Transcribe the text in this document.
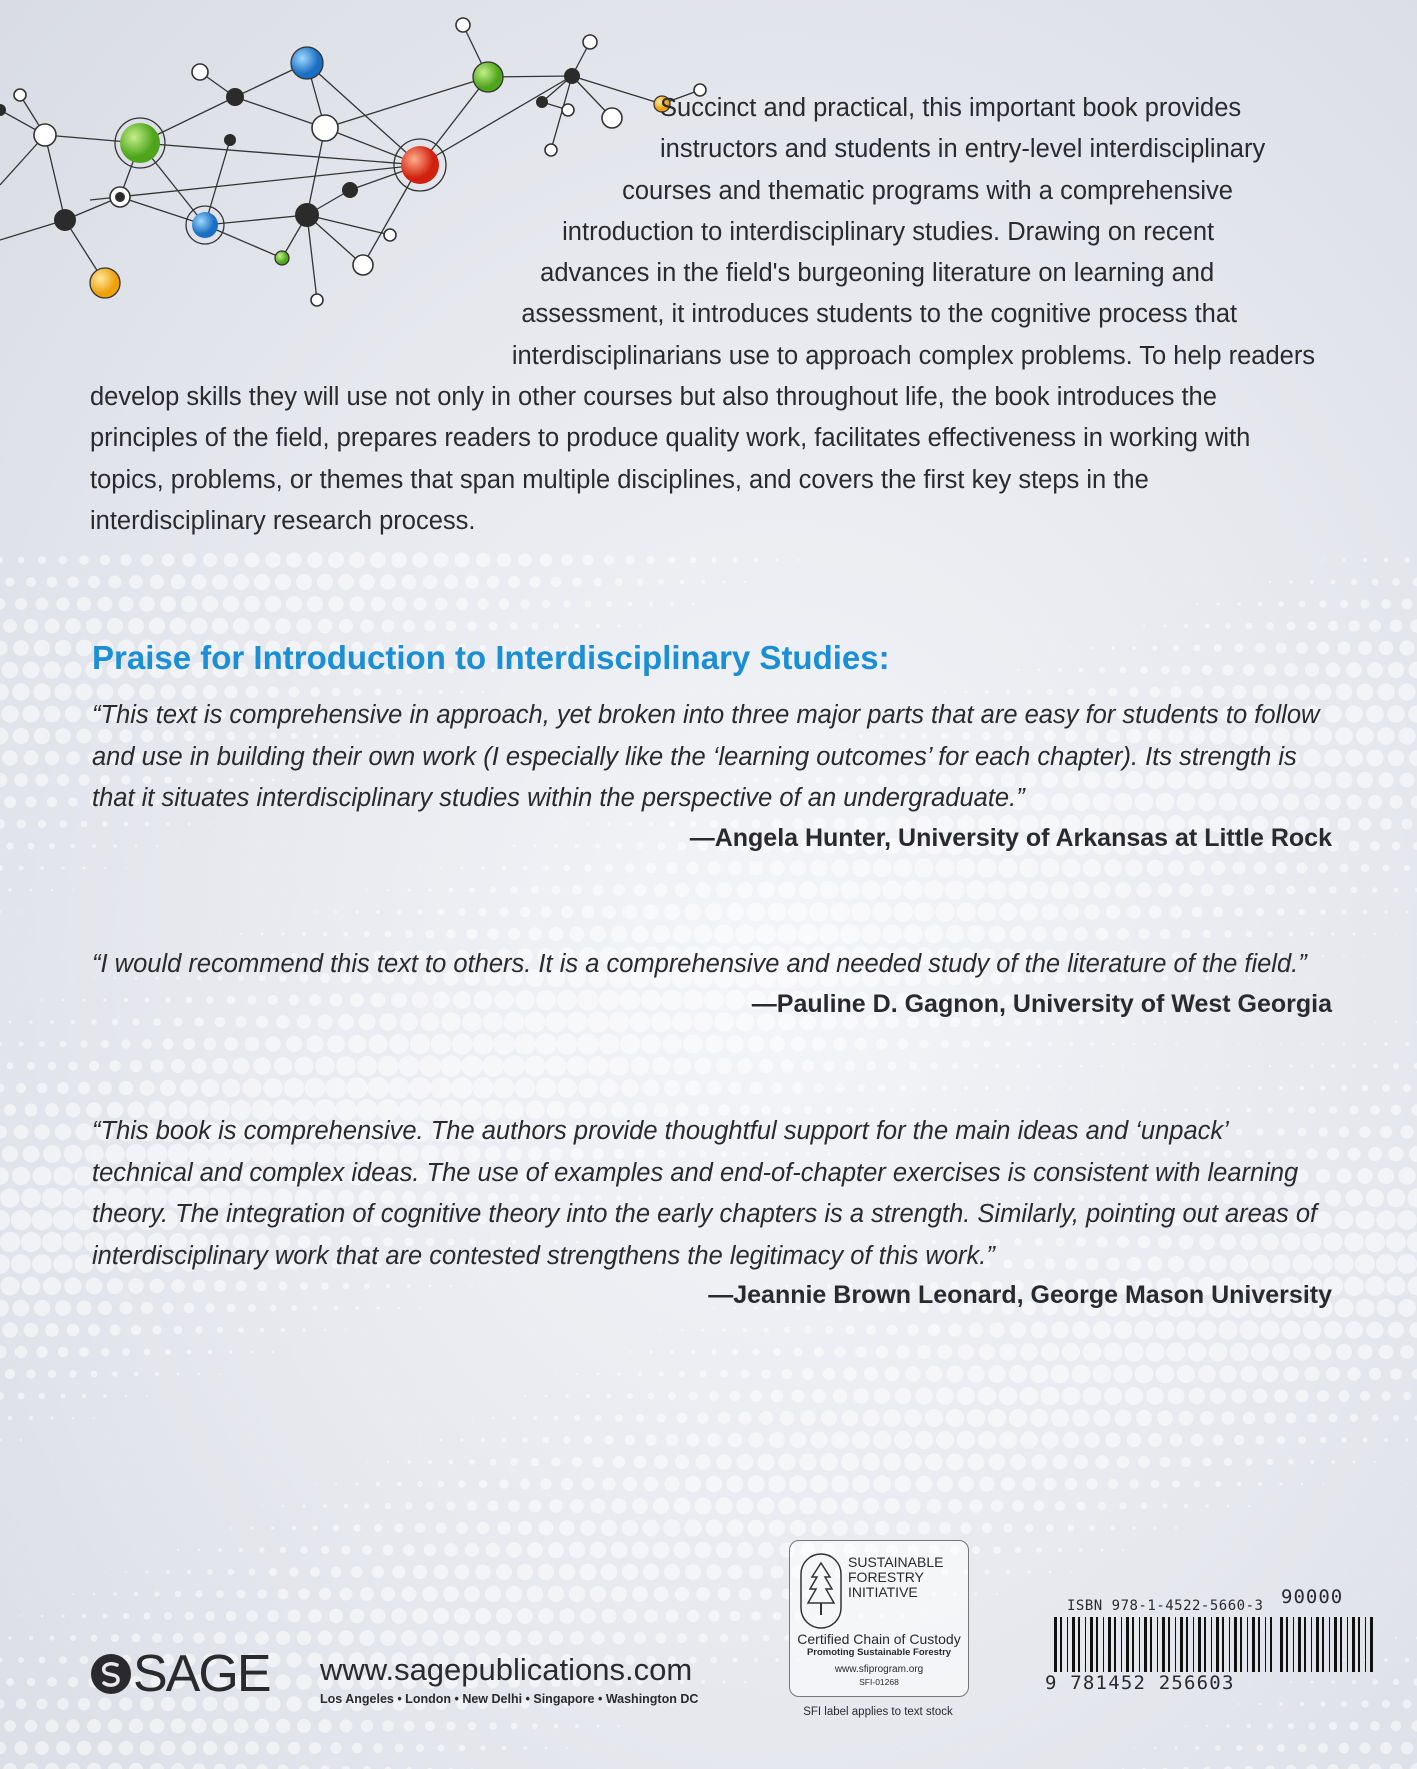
Succinct and practical, this important book provides instructors and students in entry-level interdisciplinary courses and thematic programs with a comprehensive introduction to interdisciplinary studies. Drawing on recent advances in the field's burgeoning literature on learning and assessment, it introduces students to the cognitive process that interdisciplinarians use to approach complex problems. To help readers develop skills they will use not only in other courses but also throughout life, the book introduces the principles of the field, prepares readers to produce quality work, facilitates effectiveness in working with topics, problems, or themes that span multiple disciplines, and covers the first key steps in the interdisciplinary research process.

Praise for Introduction to Interdisciplinary Studies:

“This text is comprehensive in approach, yet broken into three major parts that are easy for students to follow and use in building their own work (I especially like the ‘learning outcomes’ for each chapter). Its strength is that it situates interdisciplinary studies within the perspective of an undergraduate.”

—Angela Hunter, University of Arkansas at Little Rock

“I would recommend this text to others. It is a comprehensive and needed study of the literature of the field.”

—Pauline D. Gagnon, University of West Georgia

“This book is comprehensive. The authors provide thoughtful support for the main ideas and ‘unpack’ technical and complex ideas. The use of examples and end-of-chapter exercises is consistent with learning theory. The integration of cognitive theory into the early chapters is a strength. Similarly, pointing out areas of interdisciplinary work that are contested strengthens the legitimacy of this work.”

—Jeannie Brown Leonard, George Mason University

SAGE www.sagepublications.com
Los Angeles • London • New Delhi • Singapore • Washington DC
SUSTAINABLE
FORESTRY
INITIATIVE
Certified Chain of Custody
Promoting Sustainable Forestry
www.sfiprogram.org
SFI-01268
SFI label applies to text stock
ISBN 978-1-4522-5660-3 90000
9 781452 256603
